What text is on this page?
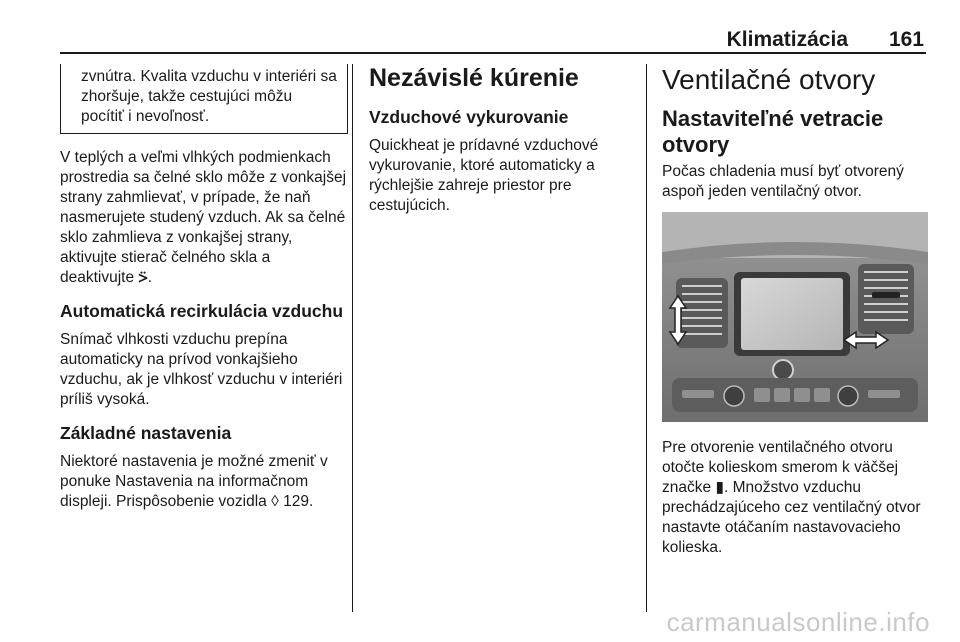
Klimatizácia 161
zvnútra. Kvalita vzduchu v interiéri sa zhoršuje, takže cestujúci môžu pocítiť i nevoľnosť.

V teplých a veľmi vlhkých podmienkach prostredia sa čelné sklo môže z vonkajšej strany zahmlievať, v prípade, že naň nasmerujete studený vzduch. Ak sa čelné sklo zahmlieva z vonkajšej strany, aktivujte stierač čelného skla a deaktivujte ⍩.

Automatická recirkulácia vzduchu

Snímač vlhkosti vzduchu prepína automaticky na prívod vonkajšieho vzduchu, ak je vlhkosť vzduchu v interiéri príliš vysoká.

Základné nastavenia

Niektoré nastavenia je možné zmeniť v ponuke Nastavenia na informačnom displeji. Prispôsobenie vozidla ◊ 129.

Nezávislé kúrenie
Vzduchové vykurovanie

Quickheat je prídavné vzduchové vykurovanie, ktoré automaticky a rýchlejšie zahreje priestor pre cestujúcich.

Ventilačné otvory
Nastaviteľné vetracie otvory

Počas chladenia musí byť otvorený aspoň jeden ventilačný otvor.

Pre otvorenie ventilačného otvoru otočte kolieskom smerom k väčšej značke ▮. Množstvo vzduchu prechádzajúceho cez ventilačný otvor nastavte otáčaním nastavovacieho kolieska.

carmanualsonline.info
